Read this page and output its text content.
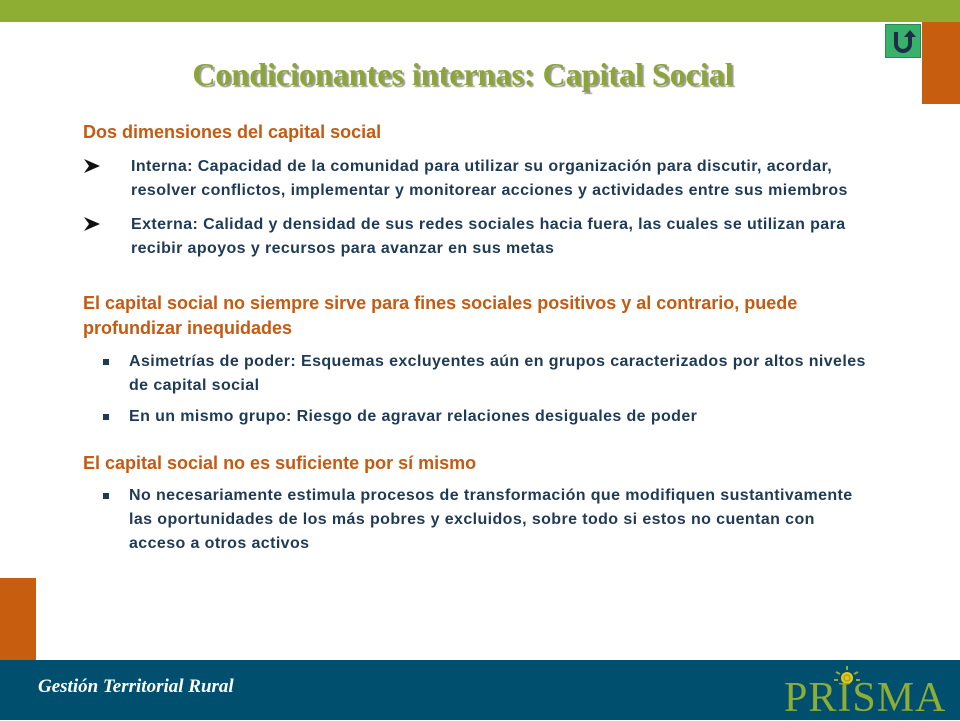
Condicionantes internas: Capital Social

Dos dimensiones del capital social

Interna: Capacidad de la comunidad para utilizar su organización para discutir, acordar, resolver conflictos, implementar y monitorear acciones y actividades entre sus miembros
Externa: Calidad y densidad de sus redes sociales hacia fuera, las cuales se utilizan para recibir apoyos y recursos para avanzar en sus metas

El capital social no siempre sirve para fines sociales positivos y al contrario, puede profundizar inequidades

Asimetrías de poder: Esquemas excluyentes aún en grupos caracterizados por altos niveles de capital social
En un mismo grupo: Riesgo de agravar relaciones desiguales de poder

El capital social no es suficiente por sí mismo

No necesariamente estimula procesos de transformación que modifiquen sustantivamente las oportunidades de los más pobres y excluidos, sobre todo si estos no cuentan con acceso a otros activos
Gestión Territorial Rural	PRISMA
